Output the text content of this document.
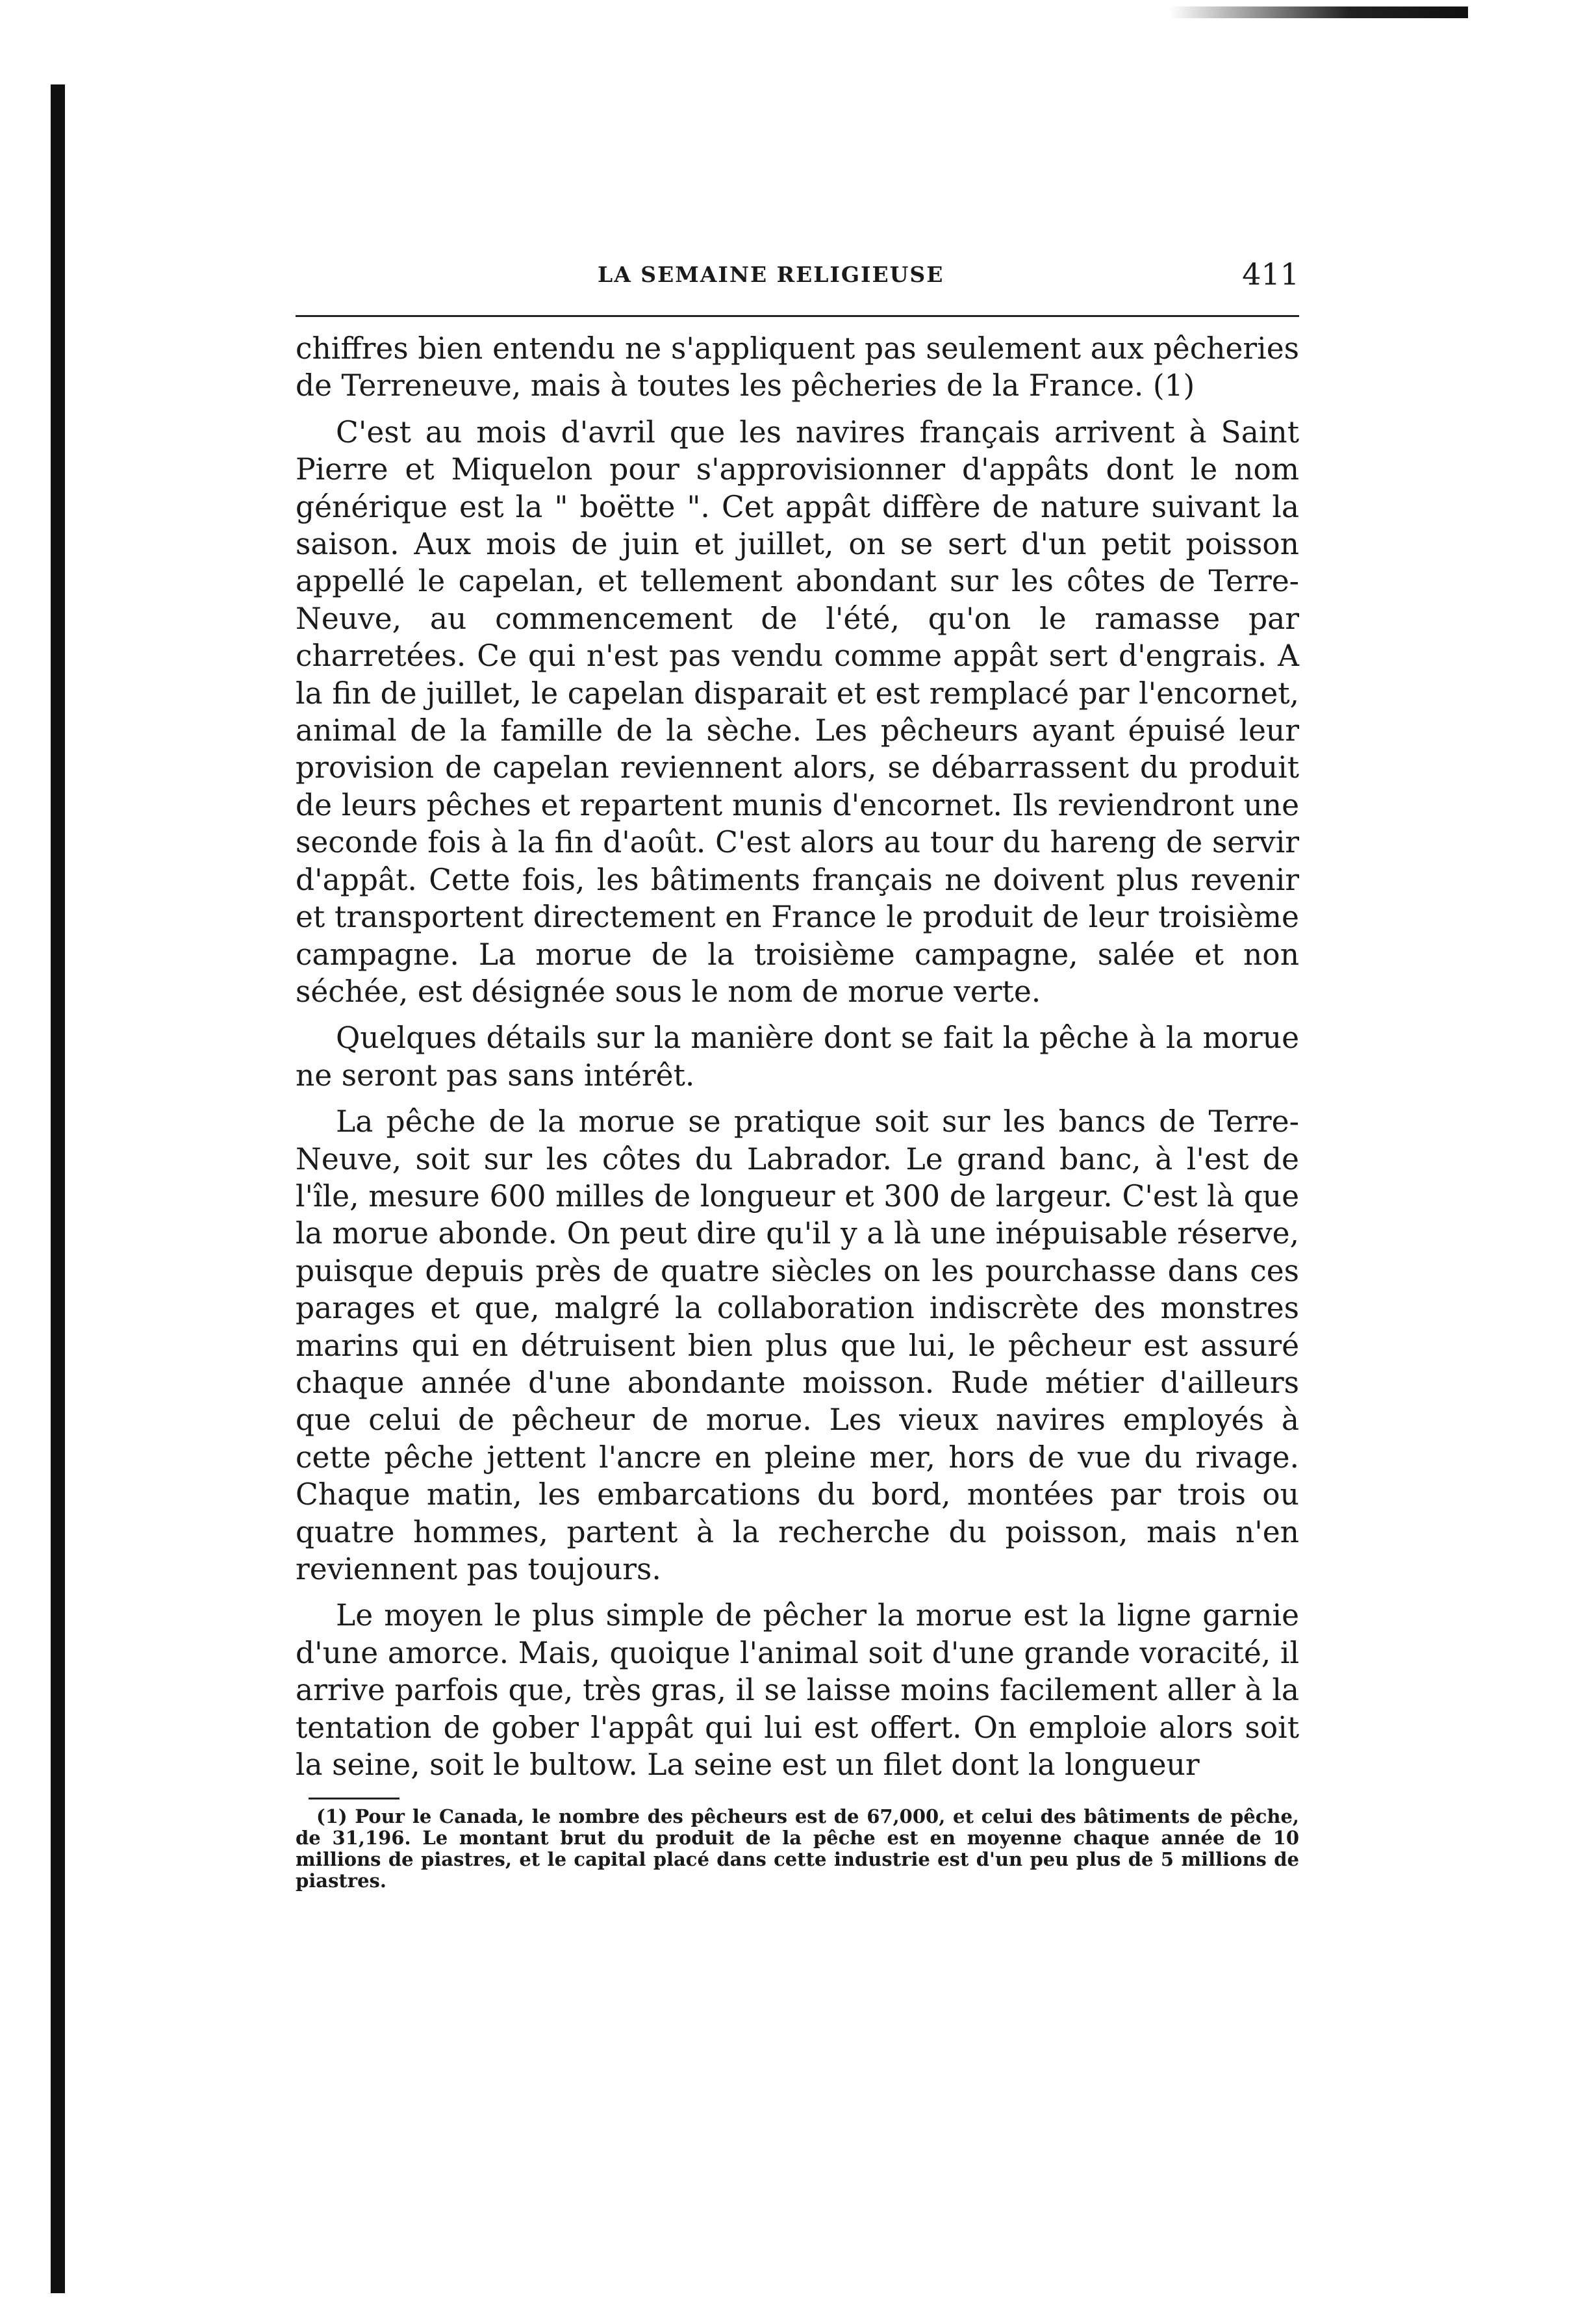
LA SEMAINE RELIGIEUSE	411

chiffres bien entendu ne s'appliquent pas seulement aux pêcheries de Terreneuve, mais à toutes les pêcheries de la France. (1)

C'est au mois d'avril que les navires français arrivent à Saint Pierre et Miquelon pour s'approvisionner d'appâts dont le nom générique est la " boëtte ". Cet appât diffère de nature suivant la saison. Aux mois de juin et juillet, on se sert d'un petit poisson appellé le capelan, et tellement abondant sur les côtes de Terre-Neuve, au commencement de l'été, qu'on le ramasse par charretées. Ce qui n'est pas vendu comme appât sert d'engrais. A la fin de juillet, le capelan disparait et est remplacé par l'encornet, animal de la famille de la sèche. Les pêcheurs ayant épuisé leur provision de capelan reviennent alors, se débarrassent du produit de leurs pêches et repartent munis d'encornet. Ils reviendront une seconde fois à la fin d'août. C'est alors au tour du hareng de servir d'appât. Cette fois, les bâtiments français ne doivent plus revenir et transportent directement en France le produit de leur troisième campagne. La morue de la troisième campagne, salée et non séchée, est désignée sous le nom de morue verte.

Quelques détails sur la manière dont se fait la pêche à la morue ne seront pas sans intérêt.

La pêche de la morue se pratique soit sur les bancs de Terre-Neuve, soit sur les côtes du Labrador. Le grand banc, à l'est de l'île, mesure 600 milles de longueur et 300 de largeur. C'est là que la morue abonde. On peut dire qu'il y a là une inépuisable réserve, puisque depuis près de quatre siècles on les pourchasse dans ces parages et que, malgré la collaboration indiscrète des monstres marins qui en détruisent bien plus que lui, le pêcheur est assuré chaque année d'une abondante moisson. Rude métier d'ailleurs que celui de pêcheur de morue. Les vieux navires employés à cette pêche jettent l'ancre en pleine mer, hors de vue du rivage. Chaque matin, les embarcations du bord, montées par trois ou quatre hommes, partent à la recherche du poisson, mais n'en reviennent pas toujours.

Le moyen le plus simple de pêcher la morue est la ligne garnie d'une amorce. Mais, quoique l'animal soit d'une grande voracité, il arrive parfois que, très gras, il se laisse moins facilement aller à la tentation de gober l'appât qui lui est offert. On emploie alors soit la seine, soit le bultow. La seine est un filet dont la longueur

(1) Pour le Canada, le nombre des pêcheurs est de 67,000, et celui des bâtiments de pêche, de 31,196. Le montant brut du produit de la pêche est en moyenne chaque année de 10 millions de piastres, et le capital placé dans cette industrie est d'un peu plus de 5 millions de piastres.
